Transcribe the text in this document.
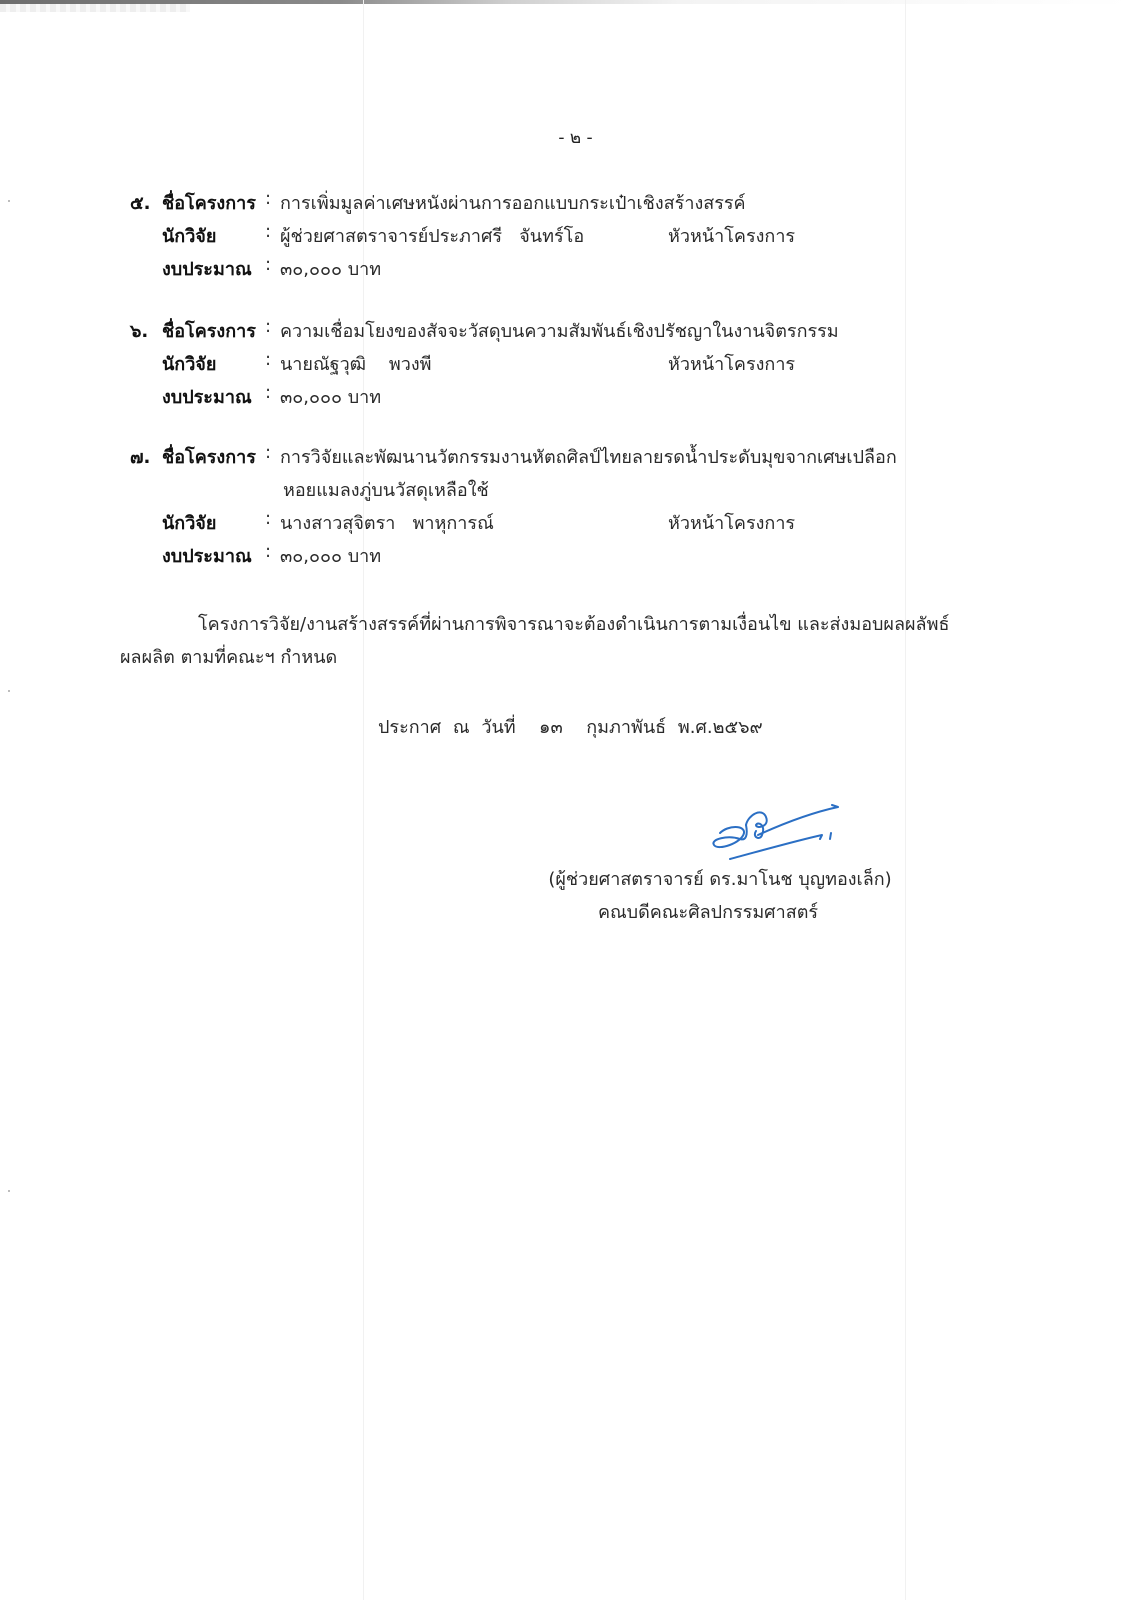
- ๒ -
๕. ชื่อโครงการ : การเพิ่มมูลค่าเศษหนังผ่านการออกแบบกระเป๋าเชิงสร้างสรรค์
นักวิจัย	: ผู้ช่วยศาสตราจารย์ประภาศรี   จันทร์โอ	หัวหน้าโครงการ
งบประมาณ : ๓๐,๐๐๐ บาท
๖. ชื่อโครงการ : ความเชื่อมโยงของสัจจะวัสดุบนความสัมพันธ์เชิงปรัชญาในงานจิตรกรรม
นักวิจัย	: นายณัฐวุฒิ    พวงพี	หัวหน้าโครงการ
งบประมาณ : ๓๐,๐๐๐ บาท
๗. ชื่อโครงการ : การวิจัยและพัฒนานวัตกรรมงานหัตถศิลป์ไทยลายรดน้ำประดับมุขจากเศษเปลือก
หอยแมลงภู่บนวัสดุเหลือใช้
นักวิจัย	: นางสาวสุจิตรา   พาหุการณ์	หัวหน้าโครงการ
งบประมาณ : ๓๐,๐๐๐ บาท
โครงการวิจัย/งานสร้างสรรค์ที่ผ่านการพิจารณาจะต้องดำเนินการตามเงื่อนไข และส่งมอบผลผลัพธ์
ผลผลิต ตามที่คณะฯ กำหนด
ประกาศ ณ วันที่  ๑๓  กุมภาพันธ์ พ.ศ.๒๕๖๙
(ผู้ช่วยศาสตราจารย์ ดร.มาโนช บุญทองเล็ก)
คณบดีคณะศิลปกรรมศาสตร์
